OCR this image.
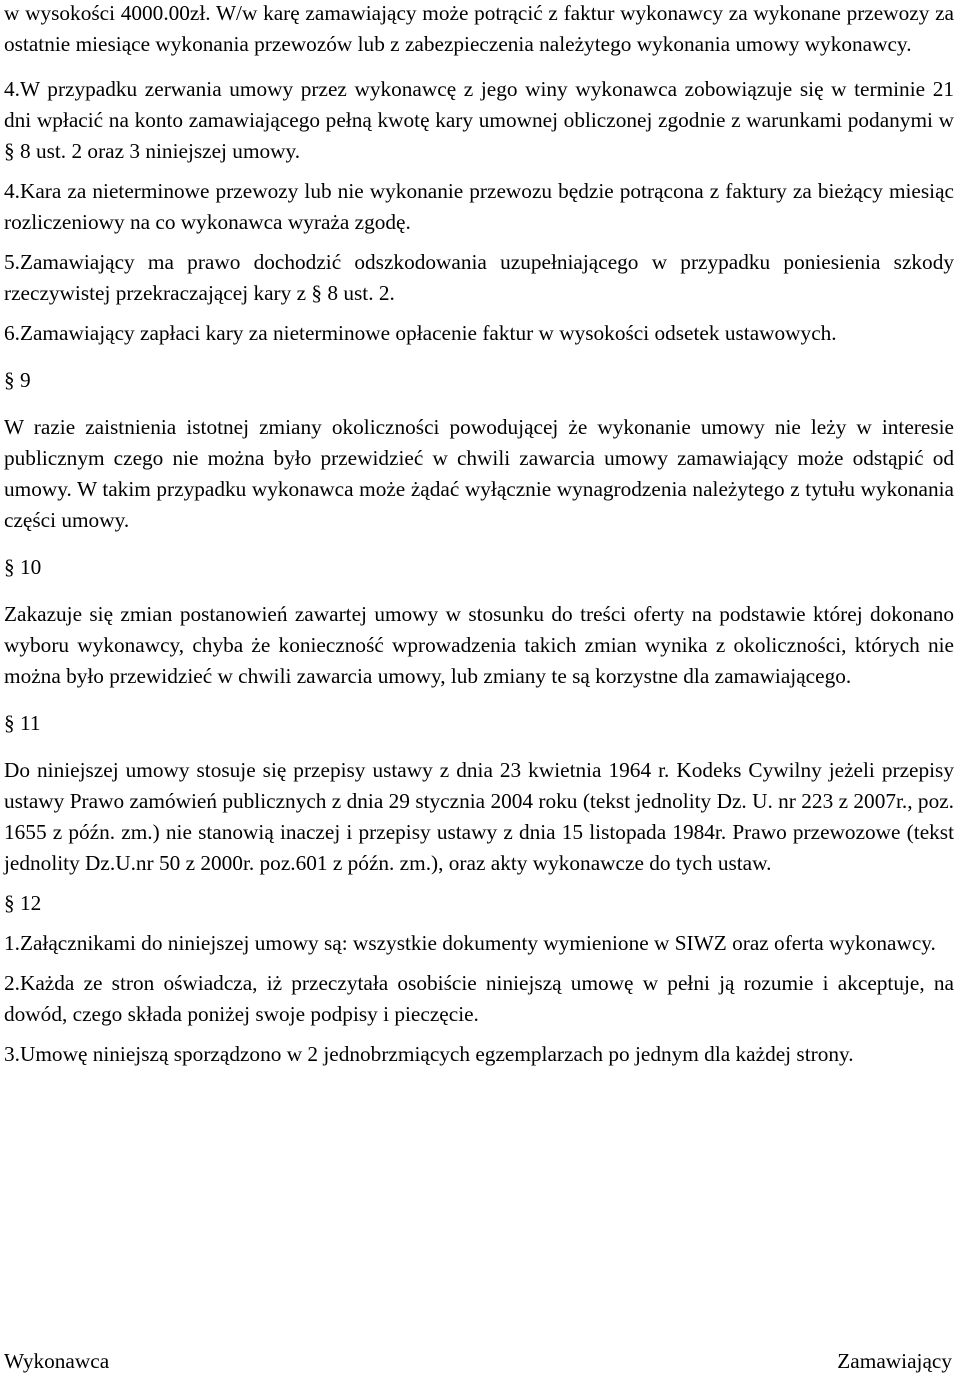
w wysokości 4000.00zł. W/w karę zamawiający może potrącić z faktur wykonawcy za wykonane przewozy za ostatnie miesiące wykonania przewozów lub z zabezpieczenia należytego wykonania umowy wykonawcy.

4.W przypadku zerwania umowy przez wykonawcę z jego winy wykonawca zobowiązuje się w terminie 21 dni wpłacić na konto zamawiającego pełną kwotę kary umownej obliczonej zgodnie z warunkami podanymi w § 8 ust. 2 oraz 3 niniejszej umowy.

4.Kara za nieterminowe przewozy lub nie wykonanie przewozu będzie potrącona z faktury za bieżący miesiąc rozliczeniowy na co wykonawca wyraża zgodę.

5.Zamawiający ma prawo dochodzić odszkodowania uzupełniającego w przypadku poniesienia szkody rzeczywistej przekraczającej kary z § 8 ust. 2.

6.Zamawiający zapłaci kary za nieterminowe opłacenie faktur w wysokości odsetek ustawowych.

§ 9

W razie zaistnienia istotnej zmiany okoliczności powodującej że wykonanie umowy nie leży w interesie publicznym czego nie można było przewidzieć w chwili zawarcia umowy zamawiający może odstąpić od umowy. W takim przypadku wykonawca może żądać wyłącznie wynagrodzenia należytego z tytułu wykonania części umowy.

§ 10

Zakazuje się zmian postanowień zawartej umowy w stosunku do treści oferty na podstawie której dokonano wyboru wykonawcy, chyba że konieczność wprowadzenia takich zmian wynika z okoliczności, których nie można było przewidzieć w chwili zawarcia umowy, lub zmiany te są korzystne dla zamawiającego.

§ 11

Do niniejszej umowy stosuje się przepisy ustawy z dnia 23 kwietnia 1964 r. Kodeks Cywilny jeżeli przepisy ustawy Prawo zamówień publicznych z dnia 29 stycznia 2004 roku (tekst jednolity Dz. U. nr 223 z 2007r., poz. 1655 z późn. zm.) nie stanowią inaczej i przepisy ustawy z dnia 15 listopada 1984r. Prawo przewozowe (tekst jednolity Dz.U.nr 50 z 2000r. poz.601 z późn. zm.), oraz akty wykonawcze do tych ustaw.

§ 12

1.Załącznikami do niniejszej umowy są: wszystkie dokumenty wymienione w SIWZ oraz oferta wykonawcy.

2.Każda ze stron oświadcza, iż przeczytała osobiście niniejszą umowę w pełni ją rozumie i akceptuje, na dowód, czego składa poniżej swoje podpisy i pieczęcie.

3.Umowę niniejszą sporządzono w 2 jednobrzmiących egzemplarzach po jednym dla każdej strony.

Wykonawca	Zamawiający
